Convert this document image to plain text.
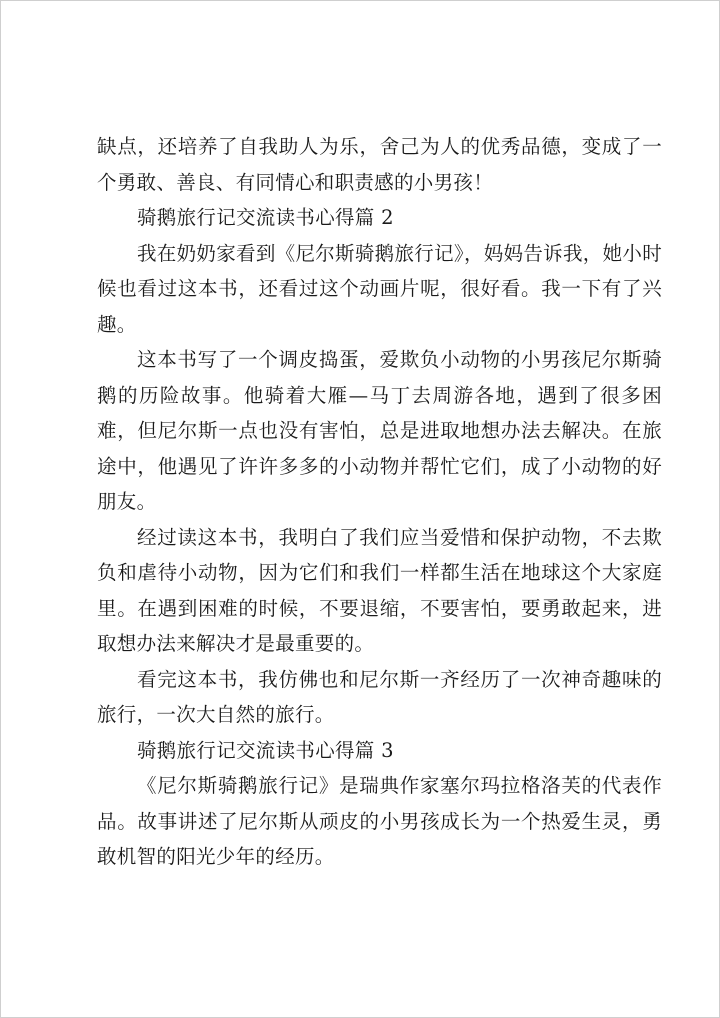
缺点，还培养了自我助人为乐，舍己为人的优秀品德，变成了一个勇敢、善良、有同情心和职责感的小男孩！

骑鹅旅行记交流读书心得篇 2

我在奶奶家看到《尼尔斯骑鹅旅行记》，妈妈告诉我，她小时候也看过这本书，还看过这个动画片呢，很好看。我一下有了兴趣。

这本书写了一个调皮捣蛋，爱欺负小动物的小男孩尼尔斯骑鹅的历险故事。他骑着大雁—马丁去周游各地，遇到了很多困难，但尼尔斯一点也没有害怕，总是进取地想办法去解决。在旅途中，他遇见了许许多多的小动物并帮忙它们，成了小动物的好朋友。

经过读这本书，我明白了我们应当爱惜和保护动物，不去欺负和虐待小动物，因为它们和我们一样都生活在地球这个大家庭里。在遇到困难的时候，不要退缩，不要害怕，要勇敢起来，进取想办法来解决才是最重要的。

看完这本书，我仿佛也和尼尔斯一齐经历了一次神奇趣味的旅行，一次大自然的旅行。

骑鹅旅行记交流读书心得篇 3

《尼尔斯骑鹅旅行记》是瑞典作家塞尔玛拉格洛芙的代表作品。故事讲述了尼尔斯从顽皮的小男孩成长为一个热爱生灵，勇敢机智的阳光少年的经历。
